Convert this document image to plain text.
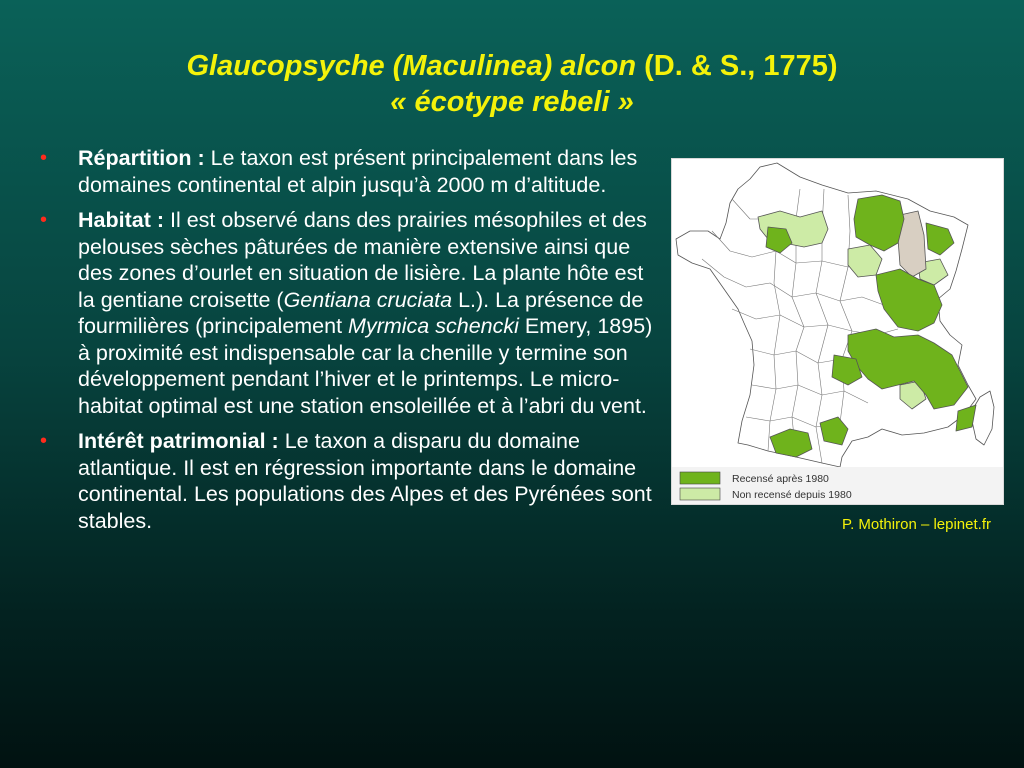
Glaucopsyche (Maculinea) alcon (D. & S., 1775)
« écotype rebeli »
• Répartition : Le taxon est présent principalement dans les domaines continental et alpin jusqu’à 2000 m d’altitude.
• Habitat : Il est observé dans des prairies mésophiles et des pelouses sèches pâturées de manière extensive ainsi que des zones d’ourlet en situation de lisière. La plante hôte est la gentiane croisette (Gentiana cruciata L.). La présence de fourmilières (principalement Myrmica schencki Emery, 1895) à proximité est indispensable car la chenille y termine son développement pendant l’hiver et le printemps. Le micro-habitat optimal est une station ensoleillée et à l’abri du vent.
• Intérêt patrimonial : Le taxon a disparu du domaine atlantique. Il est en régression importante dans le domaine continental. Les populations des Alpes et des Pyrénées sont stables.
Recensé après 1980
Non recensé depuis 1980
P. Mothiron – lepinet.fr
